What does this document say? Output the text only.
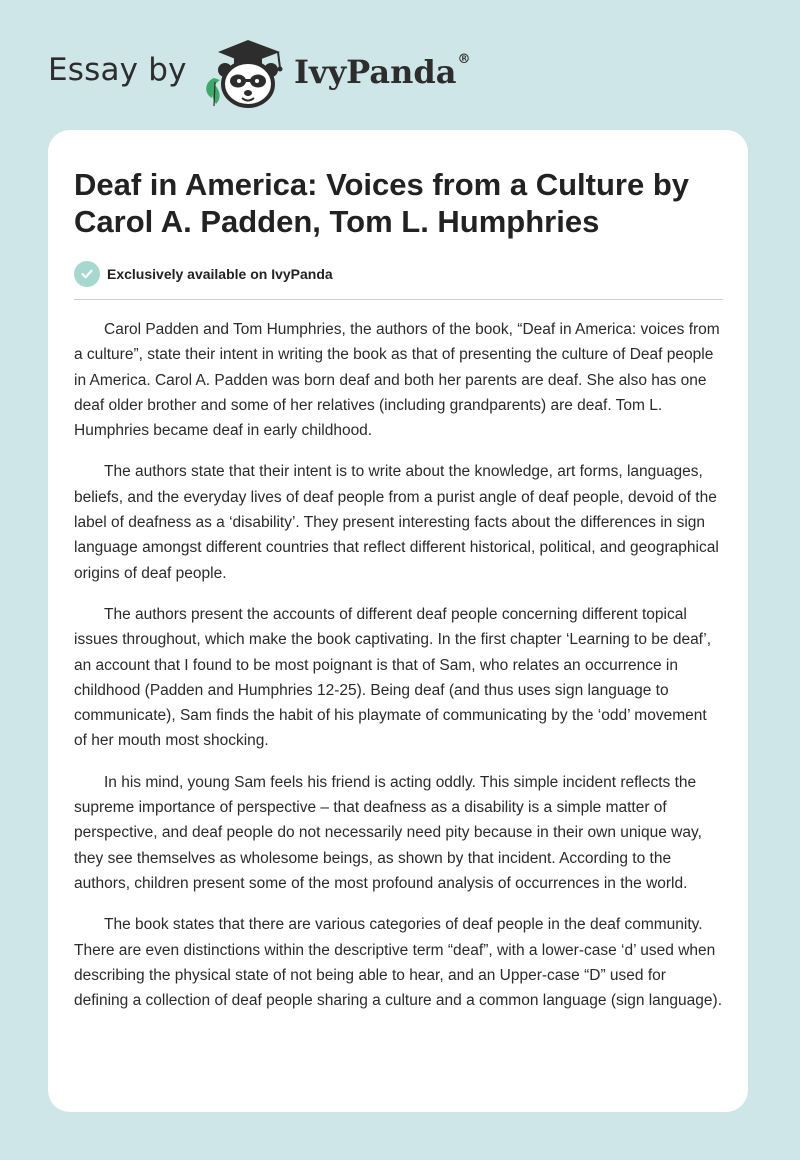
Essay by	IvyPanda®
Deaf in America: Voices from a Culture by Carol A. Padden, Tom L. Humphries
Exclusively available on IvyPanda

Carol Padden and Tom Humphries, the authors of the book, “Deaf in America: voices from a culture”, state their intent in writing the book as that of presenting the culture of Deaf people in America. Carol A. Padden was born deaf and both her parents are deaf. She also has one deaf older brother and some of her relatives (including grandparents) are deaf. Tom L. Humphries became deaf in early childhood.

The authors state that their intent is to write about the knowledge, art forms, languages, beliefs, and the everyday lives of deaf people from a purist angle of deaf people, devoid of the label of deafness as a ‘disability’. They present interesting facts about the differences in sign language amongst different countries that reflect different historical, political, and geographical origins of deaf people.

The authors present the accounts of different deaf people concerning different topical issues throughout, which make the book captivating. In the first chapter ‘Learning to be deaf’, an account that I found to be most poignant is that of Sam, who relates an occurrence in childhood (Padden and Humphries 12-25). Being deaf (and thus uses sign language to communicate), Sam finds the habit of his playmate of communicating by the ‘odd’ movement of her mouth most shocking.

In his mind, young Sam feels his friend is acting oddly. This simple incident reflects the supreme importance of perspective – that deafness as a disability is a simple matter of perspective, and deaf people do not necessarily need pity because in their own unique way, they see themselves as wholesome beings, as shown by that incident. According to the authors, children present some of the most profound analysis of occurrences in the world.

The book states that there are various categories of deaf people in the deaf community. There are even distinctions within the descriptive term “deaf”, with a lower-case ‘d’ used when describing the physical state of not being able to hear, and an Upper-case “D” used for defining a collection of deaf people sharing a culture and a common language (sign language).
